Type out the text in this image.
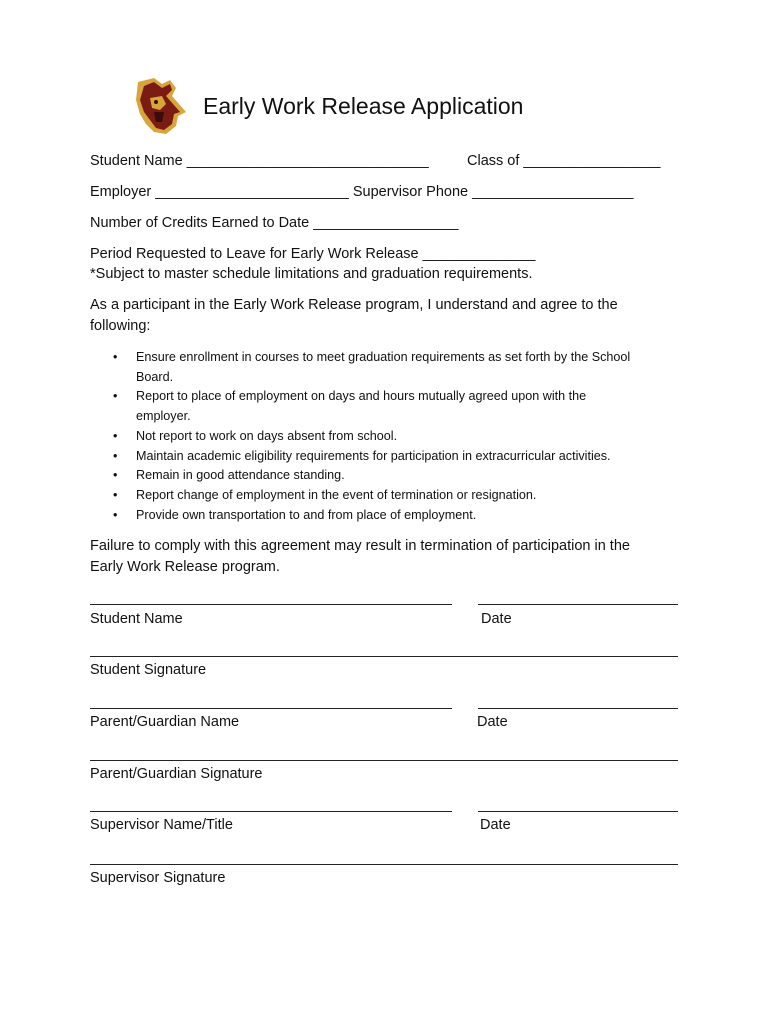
Early Work Release Application
Student Name ______________________________	Class of _________________
Employer ________________________ Supervisor Phone ____________________
Number of Credits Earned to Date __________________
Period Requested to Leave for Early Work Release ______________
*Subject to master schedule limitations and graduation requirements.
As a participant in the Early Work Release program, I understand and agree to the
following:
• Ensure enrollment in courses to meet graduation requirements as set forth by the School
Board.
• Report to place of employment on days and hours mutually agreed upon with the
employer.
• Not report to work on days absent from school.
• Maintain academic eligibility requirements for participation in extracurricular activities.
• Remain in good attendance standing.
• Report change of employment in the event of termination or resignation.
• Provide own transportation to and from place of employment.
Failure to comply with this agreement may result in termination of participation in the
Early Work Release program.
Student Name	Date
Student Signature
Parent/Guardian Name	Date
Parent/Guardian Signature
Supervisor Name/Title	Date
Supervisor Signature
